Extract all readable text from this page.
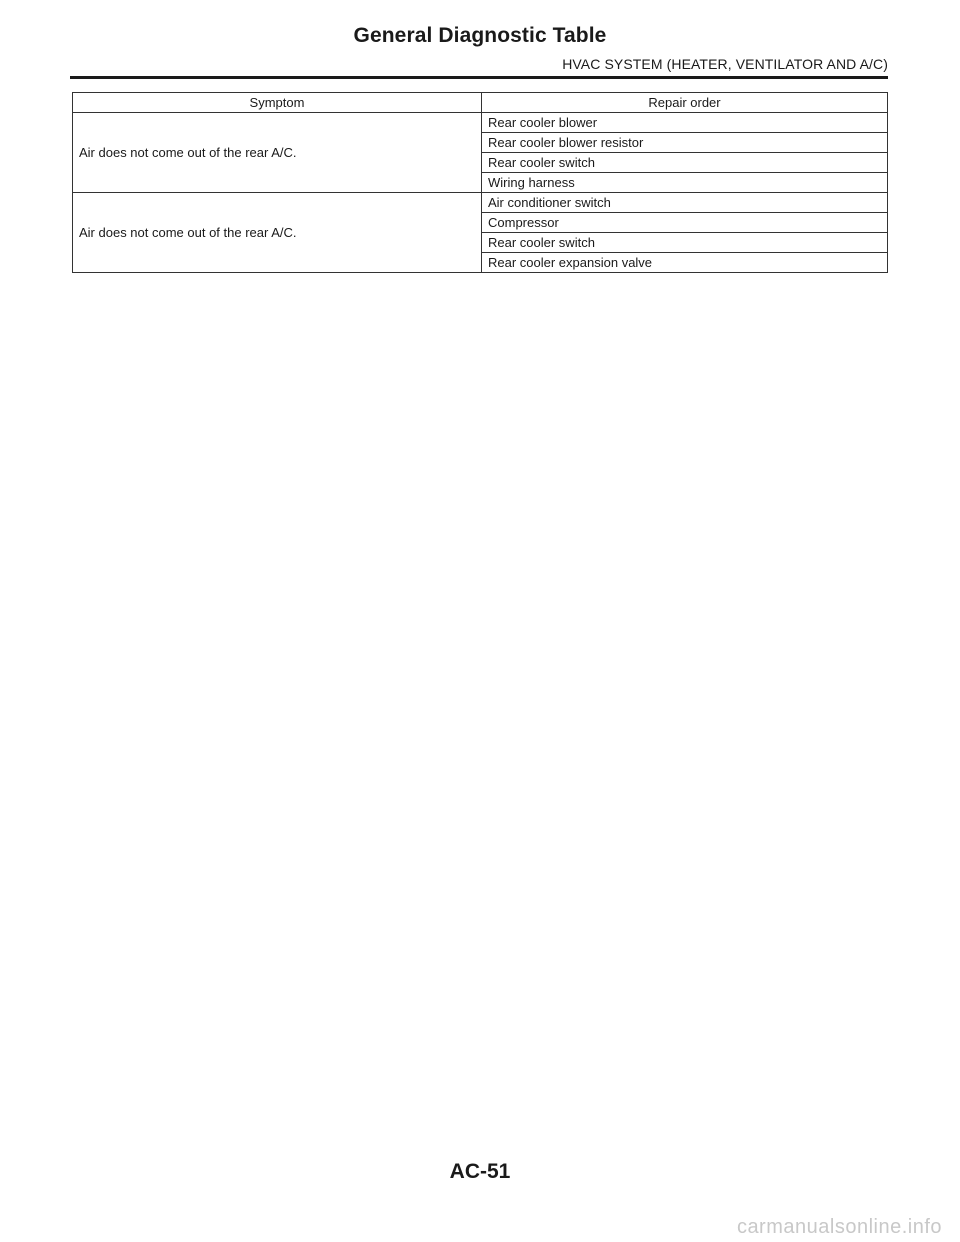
General Diagnostic Table
HVAC SYSTEM (HEATER, VENTILATOR AND A/C)
Symptom	Repair order
Air does not come out of the rear A/C.	Rear cooler blower
	Rear cooler blower resistor
	Rear cooler switch
	Wiring harness
Air does not come out of the rear A/C.	Air conditioner switch
	Compressor
	Rear cooler switch
	Rear cooler expansion valve
AC-51
carmanualsonline.info
